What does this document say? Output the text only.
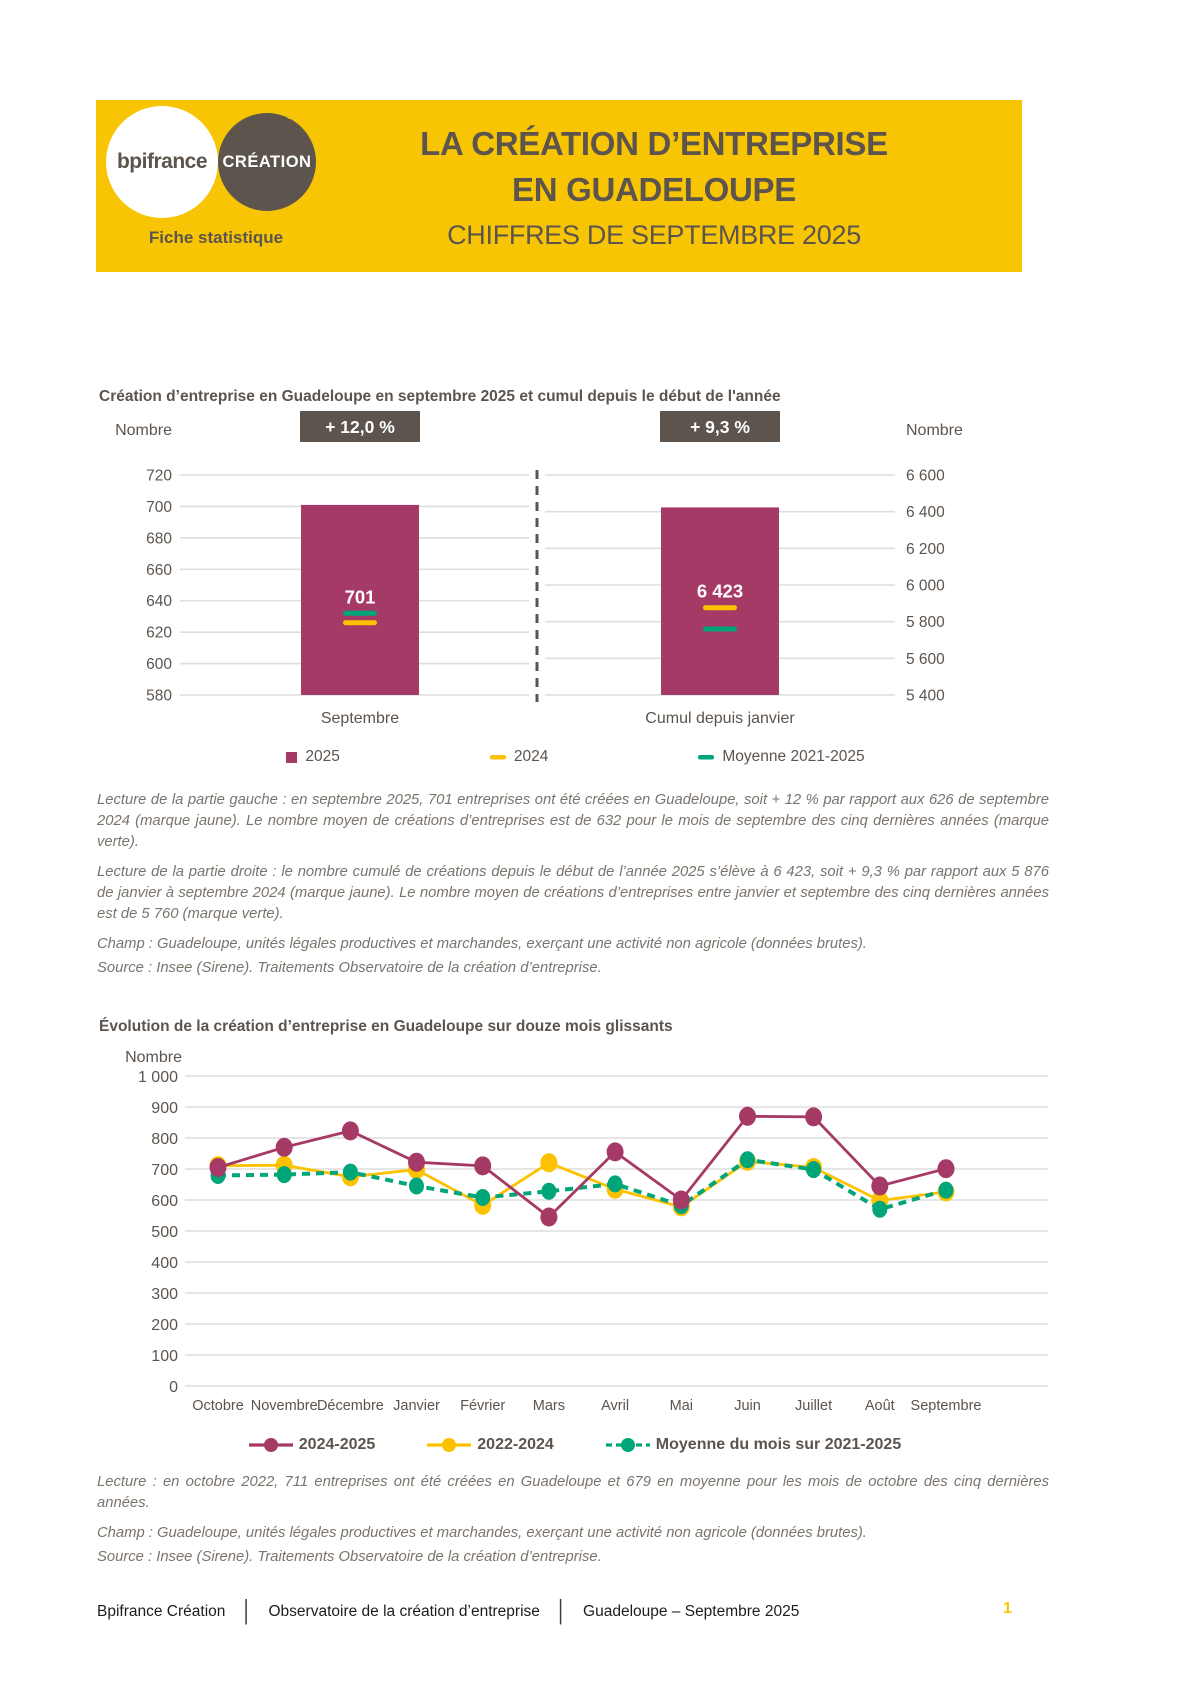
bpifrance CRÉATION
Fiche statistique
LA CRÉATION D’ENTREPRISE
EN GUADELOUPE
CHIFFRES DE SEPTEMBRE 2025
Création d’entreprise en Guadeloupe en septembre 2025 et cumul depuis le début de l'année
Nombre
720
700
680
660
640
620
600
580
+ 12,0 %
701
Septembre
Nombre
6 600
6 400
6 200
6 000
5 800
5 600
5 400
+ 9,3 %
6 423
Cumul depuis janvier
2025	2024	Moyenne 2021-2025

Lecture de la partie gauche : en septembre 2025, 701 entreprises ont été créées en Guadeloupe, soit + 12 % par rapport aux 626 de septembre 2024 (marque jaune). Le nombre moyen de créations d’entreprises est de 632 pour le mois de septembre des cinq dernières années (marque verte).

Lecture de la partie droite : le nombre cumulé de créations depuis le début de l’année 2025 s’élève à 6 423, soit + 9,3 % par rapport aux 5 876 de janvier à septembre 2024 (marque jaune). Le nombre moyen de créations d’entreprises entre janvier et septembre des cinq dernières années est de 5 760 (marque verte).

Champ : Guadeloupe, unités légales productives et marchandes, exerçant une activité non agricole (données brutes).

Source : Insee (Sirene). Traitements Observatoire de la création d’entreprise.

Évolution de la création d’entreprise en Guadeloupe sur douze mois glissants
Nombre
1 000
900
800
700
600
500
400
300
200
100
0
Octobre Novembre Décembre Janvier Février Mars Avril	Mai	Juin Juillet Août Septembre
2024-2025	2022-2024	Moyenne du mois sur 2021-2025

Lecture : en octobre 2022, 711 entreprises ont été créées en Guadeloupe et 679 en moyenne pour les mois de octobre des cinq dernières années.

Champ : Guadeloupe, unités légales productives et marchandes, exerçant une activité non agricole (données brutes).

Source : Insee (Sirene). Traitements Observatoire de la création d’entreprise.

Bpifrance Création │ Observatoire de la création d’entreprise │ Guadeloupe – Septembre 2025	1
